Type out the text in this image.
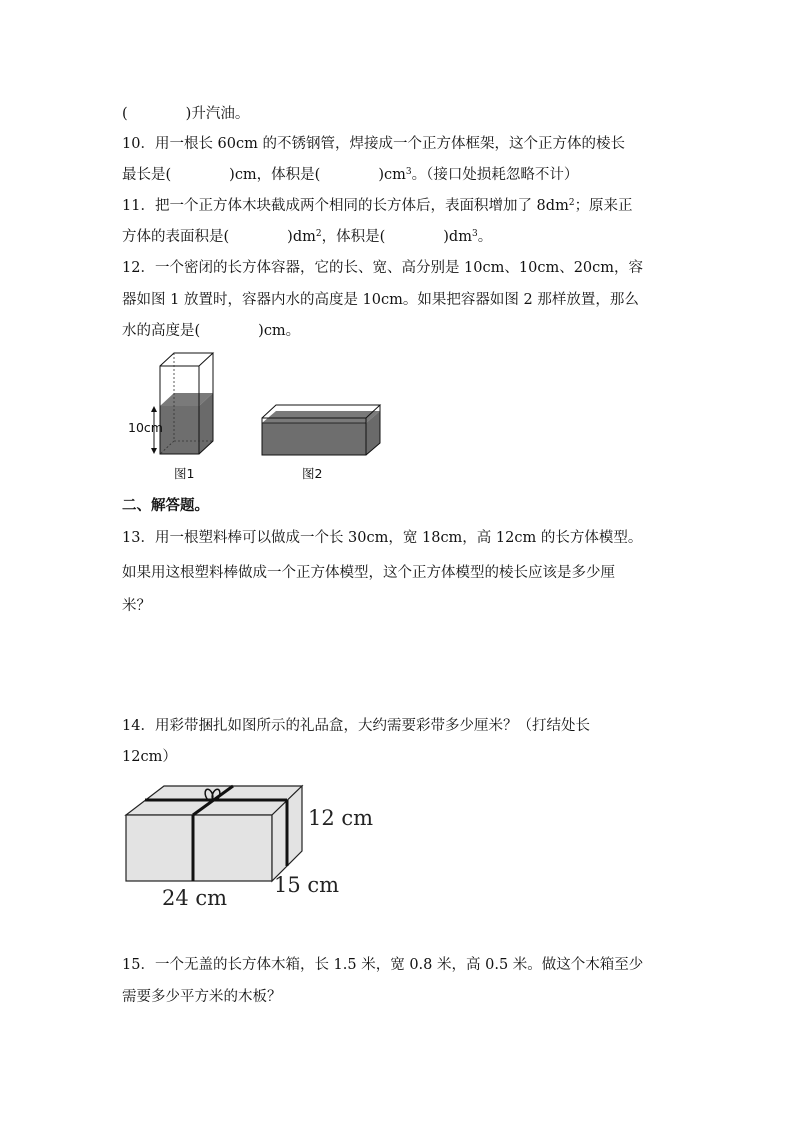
(　　　　)升汽油。
10．用一根长 60cm 的不锈钢管，焊接成一个正方体框架，这个正方体的棱长
最长是(　　　　)cm，体积是(　　　　)$cm^3$。（接口处损耗忽略不计）
11．把一个正方体木块截成两个相同的长方体后，表面积增加了 $8dm^2$；原来正
方体的表面积是(　　　　)$dm^2$，体积是(　　　　)$dm^3$。
12．一个密闭的长方体容器，它的长、宽、高分别是 10cm、10cm、20cm，容
器如图 1 放置时，容器内水的高度是 10cm。如果把容器如图 2 那样放置，那么
水的高度是(　　　　)cm。
10cm
图1	图2
二、解答题。
13．用一根塑料棒可以做成一个长 30cm，宽 18cm，高 12cm 的长方体模型。
如果用这根塑料棒做成一个正方体模型，这个正方体模型的棱长应该是多少厘
米？
14．用彩带捆扎如图所示的礼品盒，大约需要彩带多少厘米？（打结处长
12cm）
12 cm
15 cm
24 cm
15．一个无盖的长方体木箱，长 1.5 米，宽 0.8 米，高 0.5 米。做这个木箱至少
需要多少平方米的木板？
